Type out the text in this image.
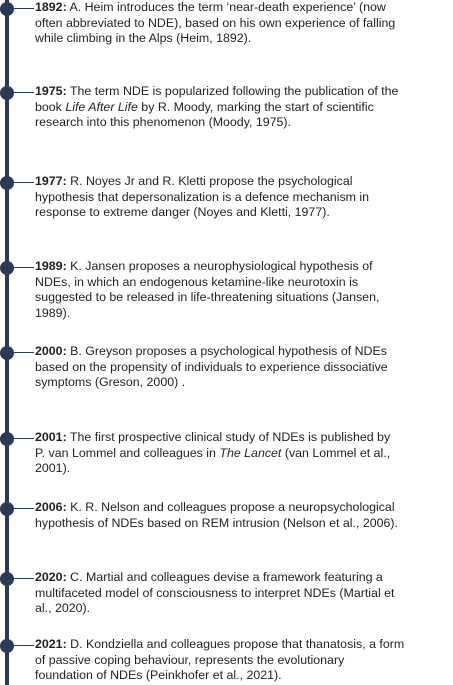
1892: A. Heim introduces the term ‘near-death experience’ (now
often abbreviated to NDE), based on his own experience of falling
while climbing in the Alps (Heim, 1892).
1975: The term NDE is popularized following the publication of the
book Life After Life by R. Moody, marking the start of scientific
research into this phenomenon (Moody, 1975).
1977: R. Noyes Jr and R. Kletti propose the psychological
hypothesis that depersonalization is a defence mechanism in
response to extreme danger (Noyes and Kletti, 1977).
1989: K. Jansen proposes a neurophysiological hypothesis of
NDEs, in which an endogenous ketamine-like neurotoxin is
suggested to be released in life-threatening situations (Jansen,
1989).
2000: B. Greyson proposes a psychological hypothesis of NDEs
based on the propensity of individuals to experience dissociative
symptoms (Greson, 2000) .
2001: The first prospective clinical study of NDEs is published by
P. van Lommel and colleagues in The Lancet (van Lommel et al.,
2001).
2006: K. R. Nelson and colleagues propose a neuropsychological
hypothesis of NDEs based on REM intrusion (Nelson et al., 2006).
2020: C. Martial and colleagues devise a framework featuring a
multifaceted model of consciousness to interpret NDEs (Martial et
al., 2020).
2021: D. Kondziella and colleagues propose that thanatosis, a form
of passive coping behaviour, represents the evolutionary
foundation of NDEs (Peinkhofer et al., 2021).
